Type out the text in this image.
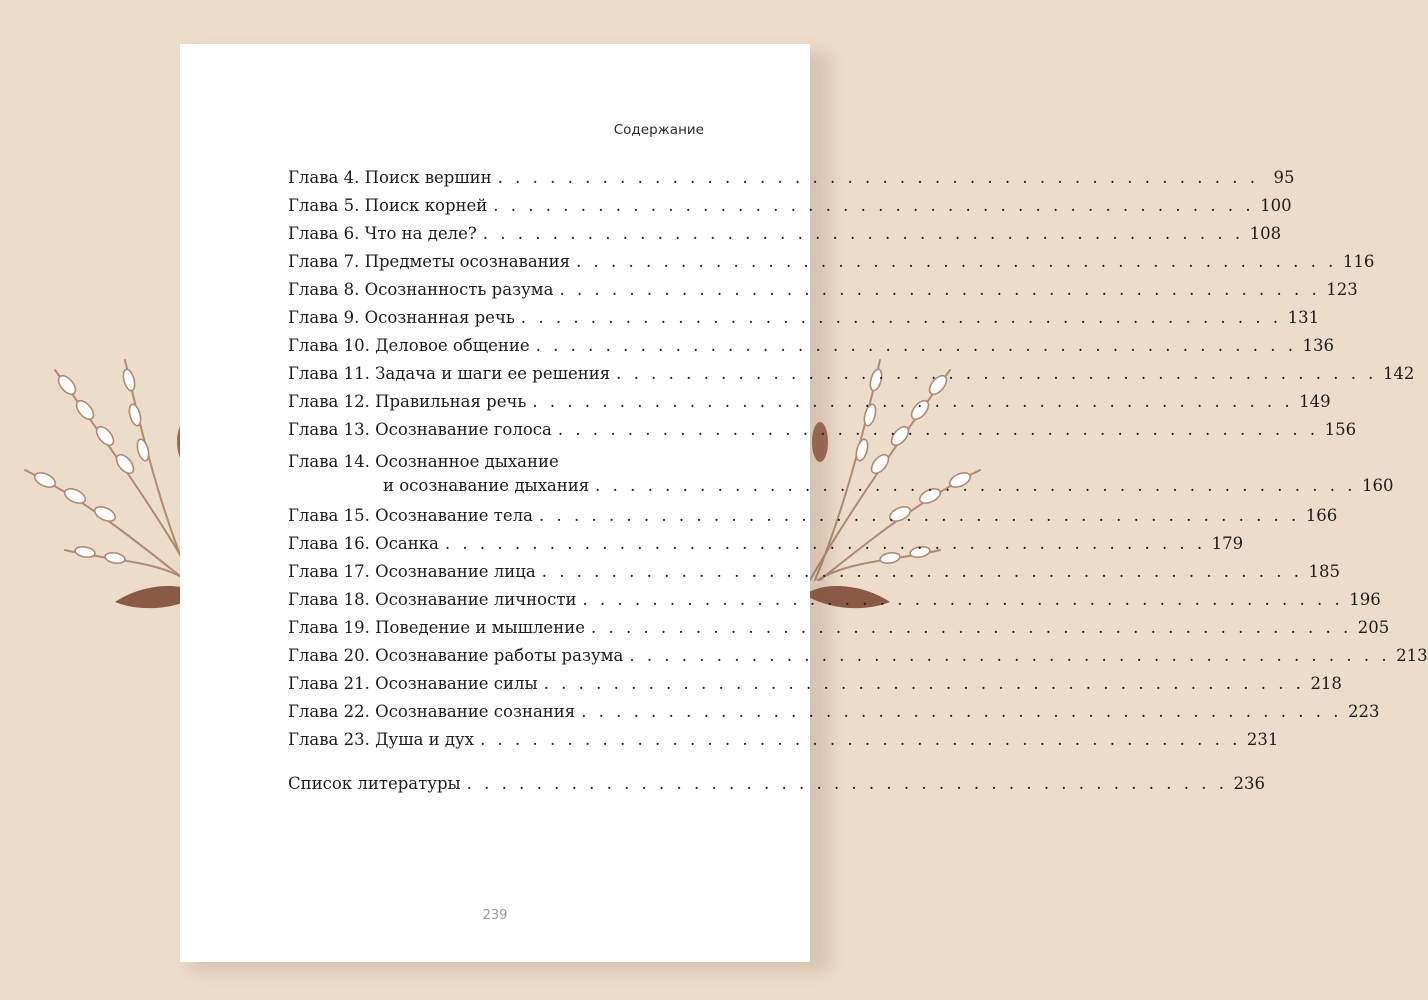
Содержание
Глава 4. Поиск вершин . . . . . . . . . . . . . . . . . . . . . . . . . . . . . . . . . . . . . . . . . . . . 95
Глава 5. Поиск корней . . . . . . . . . . . . . . . . . . . . . . . . . . . . . . . . . . . . . . . . . . . . 100
Глава 6. Что на деле? . . . . . . . . . . . . . . . . . . . . . . . . . . . . . . . . . . . . . . . . . . . . 108
Глава 7. Предметы осознавания . . . . . . . . . . . . . . . . . . . . . . . . . . . . . . . . . . . . . . . . . . . . 116
Глава 8. Осознанность разума . . . . . . . . . . . . . . . . . . . . . . . . . . . . . . . . . . . . . . . . . . . . 123
Глава 9. Осознанная речь . . . . . . . . . . . . . . . . . . . . . . . . . . . . . . . . . . . . . . . . . . . . 131
Глава 10. Деловое общение . . . . . . . . . . . . . . . . . . . . . . . . . . . . . . . . . . . . . . . . . . . . 136
Глава 11. Задача и шаги ее решения . . . . . . . . . . . . . . . . . . . . . . . . . . . . . . . . . . . . . . . . . . . . 142
Глава 12. Правильная речь . . . . . . . . . . . . . . . . . . . . . . . . . . . . . . . . . . . . . . . . . . . . 149
Глава 13. Осознавание голоса . . . . . . . . . . . . . . . . . . . . . . . . . . . . . . . . . . . . . . . . . . . . 156
Глава 14. Осознанное дыхание
и осознавание дыхания . . . . . . . . . . . . . . . . . . . . . . . . . . . . . . . . . . . . . . . . . . . . 160
Глава 15. Осознавание тела . . . . . . . . . . . . . . . . . . . . . . . . . . . . . . . . . . . . . . . . . . . . 166
Глава 16. Осанка . . . . . . . . . . . . . . . . . . . . . . . . . . . . . . . . . . . . . . . . . . . . 179
Глава 17. Осознавание лица . . . . . . . . . . . . . . . . . . . . . . . . . . . . . . . . . . . . . . . . . . . . 185
Глава 18. Осознавание личности . . . . . . . . . . . . . . . . . . . . . . . . . . . . . . . . . . . . . . . . . . . . 196
Глава 19. Поведение и мышление . . . . . . . . . . . . . . . . . . . . . . . . . . . . . . . . . . . . . . . . . . . . 205
Глава 20. Осознавание работы разума . . . . . . . . . . . . . . . . . . . . . . . . . . . . . . . . . . . . . . . . . . . . 213
Глава 21. Осознавание силы . . . . . . . . . . . . . . . . . . . . . . . . . . . . . . . . . . . . . . . . . . . . 218
Глава 22. Осознавание сознания . . . . . . . . . . . . . . . . . . . . . . . . . . . . . . . . . . . . . . . . . . . . 223
Глава 23. Душа и дух . . . . . . . . . . . . . . . . . . . . . . . . . . . . . . . . . . . . . . . . . . . . 231
Список литературы . . . . . . . . . . . . . . . . . . . . . . . . . . . . . . . . . . . . . . . . . . . . 236
239
